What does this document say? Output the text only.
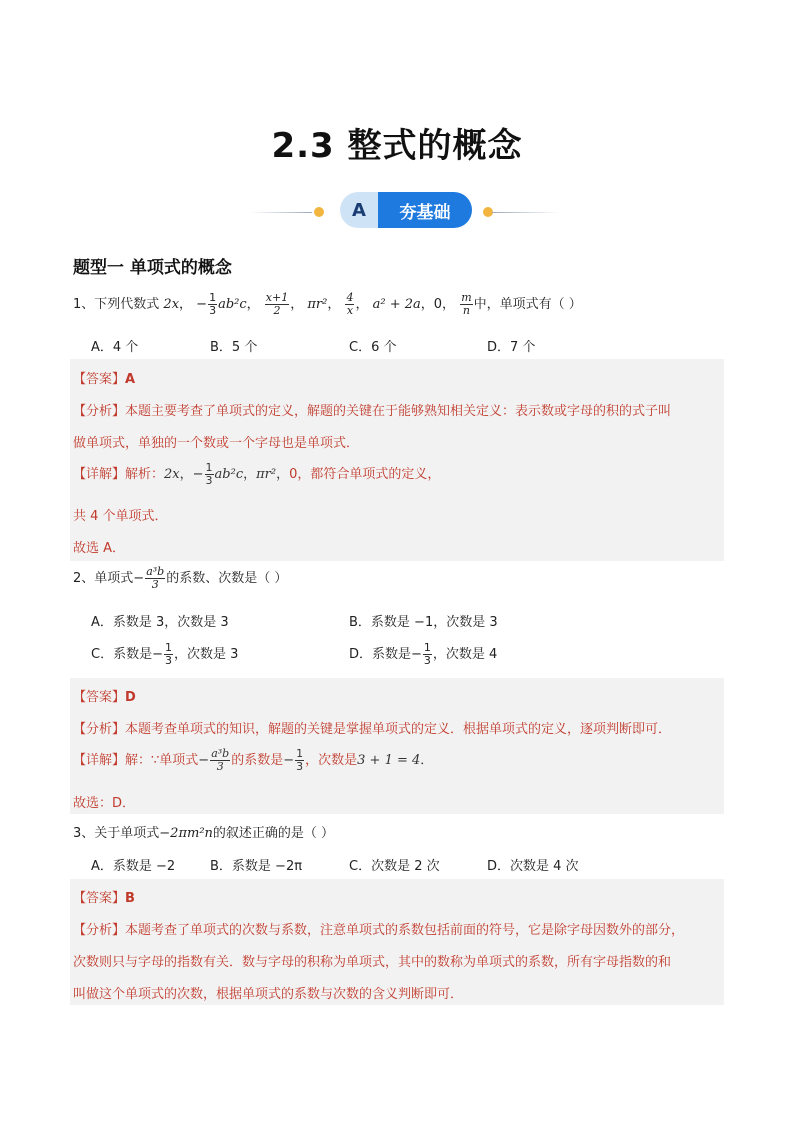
2.3 整式的概念
A	夯基础
题型一 单项式的概念
1、下列代数式 2x， − $\frac{1}{3} ab^2c$， $\frac{x+1}{2}$ ， πr²， $\frac{4}{x}$ ， a² + 2a，0， $\frac{m}{n}$ 中，单项式有（ ）
A．4 个	B．5 个	C．6 个	D．7 个
【答案】A
【分析】本题主要考查了单项式的定义，解题的关键在于能够熟知相关定义：表示数或字母的积的式子叫
做单项式，单独的一个数或一个字母也是单项式．
【详解】解析：2x，− $\frac{1}{3} ab^2c$，πr²，0，都符合单项式的定义，
共 4 个单项式．
故选 A．
2、单项式− $\frac{\text{a³b}}{3}$ 的系数、次数是（ ）
A．系数是 3，次数是 3	B．系数是 −1，次数是 3
C．系数是− $\frac{1}{3}$ ，次数是 3	D．系数是− $\frac{1}{3}$ ，次数是 4
【答案】D
【分析】本题考查单项式的知识，解题的关键是掌握单项式的定义．根据单项式的定义，逐项判断即可．
【详解】解：∵单项式− $\frac{\text{a³b}}{3}$ 的系数是− $\frac{1}{3}$ ，次数是3 + 1 = 4．
故选：D．
3、关于单项式−2πm²n的叙述正确的是（ ）
A．系数是 −2	B．系数是 −2π	C．次数是 2 次	D．次数是 4 次
【答案】B
【分析】本题考查了单项式的次数与系数，注意单项式的系数包括前面的符号，它是除字母因数外的部分，
次数则只与字母的指数有关．数与字母的积称为单项式，其中的数称为单项式的系数，所有字母指数的和
叫做这个单项式的次数，根据单项式的系数与次数的含义判断即可．
